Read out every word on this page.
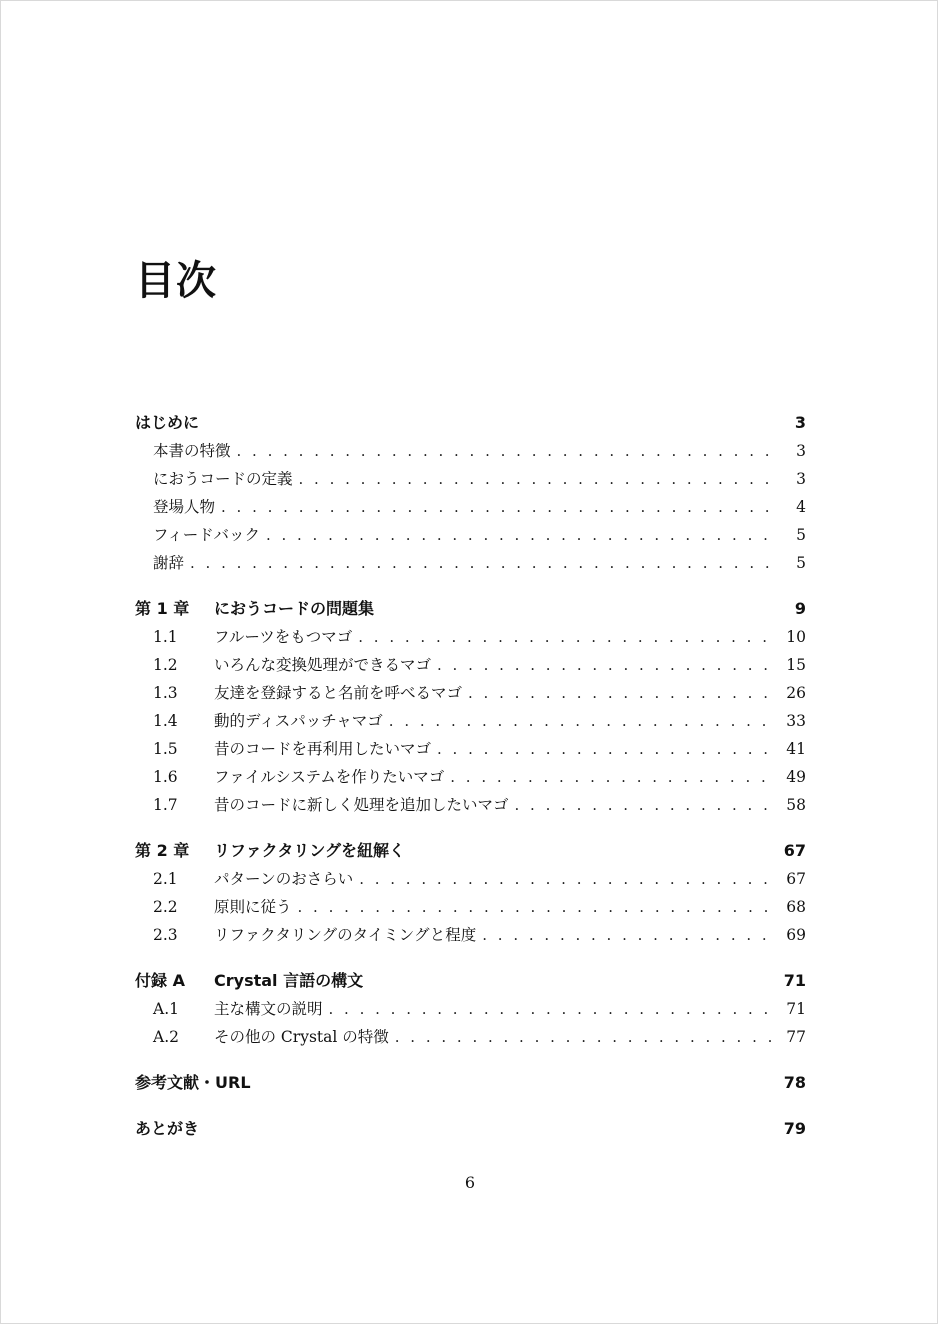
目次
はじめに	3
本書の特徴 . . .	3
におうコードの定義 . . .	3
登場人物 . . .	4
フィードバック . . .	5
謝辞 . . .	5
第 1 章	におうコードの問題集	9
1.1	フルーツをもつマゴ . . .	10
1.2	いろんな変換処理ができるマゴ . . .	15
1.3	友達を登録すると名前を呼べるマゴ . . .	26
1.4	動的ディスパッチャマゴ . . .	33
1.5	昔のコードを再利用したいマゴ . . .	41
1.6	ファイルシステムを作りたいマゴ . . .	49
1.7	昔のコードに新しく処理を追加したいマゴ . . .	58
第 2 章	リファクタリングを紐解く	67
2.1	パターンのおさらい . . .	67
2.2	原則に従う . . .	68
2.3	リファクタリングのタイミングと程度 . . .	69
付録 A	Crystal 言語の構文	71
A.1	主な構文の説明 . . .	71
A.2	その他の Crystal の特徴 . . .	77
参考文献・URL	78
あとがき	79
6
